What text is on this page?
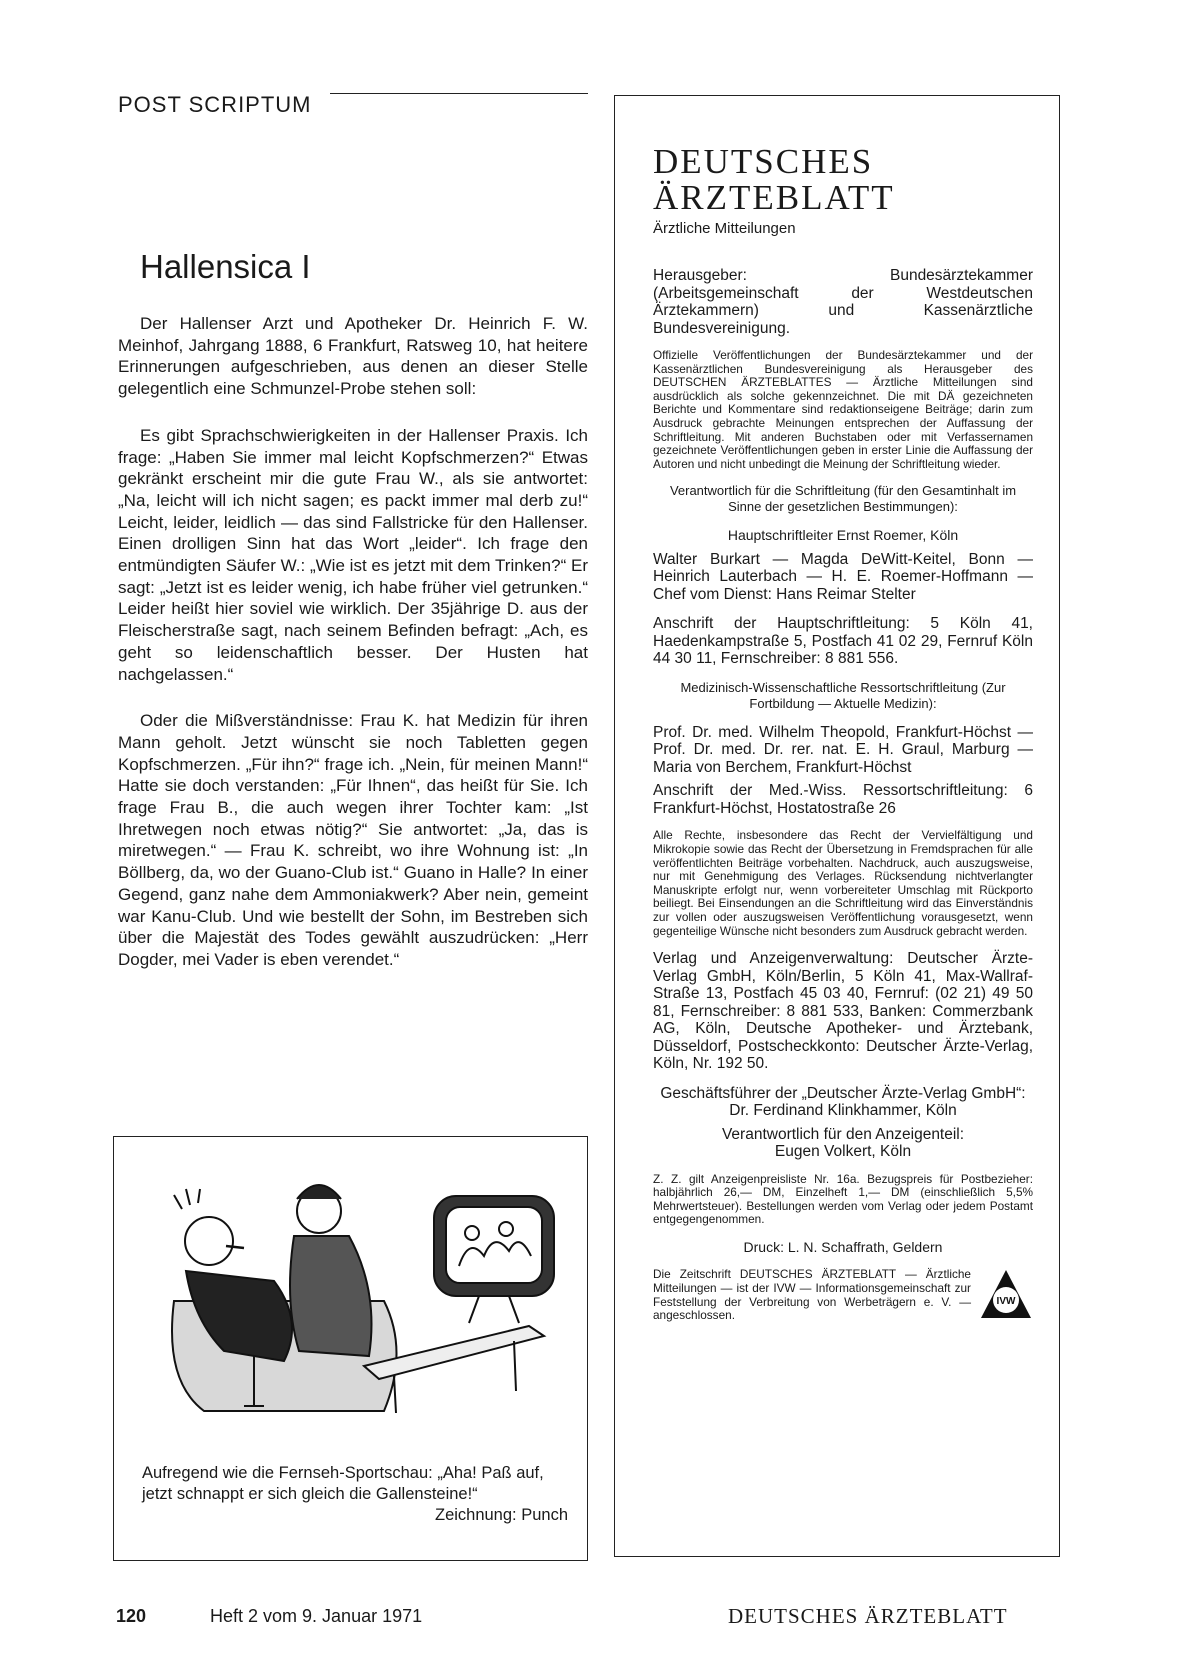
POST SCRIPTUM
Hallensica I

Der Hallenser Arzt und Apotheker Dr. Heinrich F. W. Meinhof, Jahrgang 1888, 6 Frankfurt, Ratsweg 10, hat heitere Erinnerungen aufgeschrieben, aus denen an dieser Stelle gelegentlich eine Schmunzel-Probe stehen soll:

Es gibt Sprachschwierigkeiten in der Hallenser Praxis. Ich frage: „Haben Sie immer mal leicht Kopfschmerzen?“ Etwas gekränkt erscheint mir die gute Frau W., als sie antwortet: „Na, leicht will ich nicht sagen; es packt immer mal derb zu!“ Leicht, leider, leidlich — das sind Fallstricke für den Hallenser. Einen drolligen Sinn hat das Wort „leider“. Ich frage den entmündigten Säufer W.: „Wie ist es jetzt mit dem Trinken?“ Er sagt: „Jetzt ist es leider wenig, ich habe früher viel getrunken.“ Leider heißt hier soviel wie wirklich. Der 35jährige D. aus der Fleischerstraße sagt, nach seinem Befinden befragt: „Ach, es geht so leidenschaftlich besser. Der Husten hat nachgelassen.“

Oder die Mißverständnisse: Frau K. hat Medizin für ihren Mann geholt. Jetzt wünscht sie noch Tabletten gegen Kopfschmerzen. „Für ihn?“ frage ich. „Nein, für meinen Mann!“ Hatte sie doch verstanden: „Für Ihnen“, das heißt für Sie. Ich frage Frau B., die auch wegen ihrer Tochter kam: „Ist Ihretwegen noch etwas nötig?“ Sie antwortet: „Ja, das is miretwegen.“ — Frau K. schreibt, wo ihre Wohnung ist: „In Böllberg, da, wo der Guano-Club ist.“ Guano in Halle? In einer Gegend, ganz nahe dem Ammoniakwerk? Aber nein, gemeint war Kanu-Club. Und wie bestellt der Sohn, im Bestreben sich über die Majestät des Todes gewählt auszudrücken: „Herr Dogder, mei Vader is eben verendet.“

Aufregend wie die Fernseh-Sportschau: „Aha! Paß auf, jetzt schnappt er sich gleich die Gallensteine!“
Zeichnung: Punch
DEUTSCHES
ÄRZTEBLATT
Ärztliche Mitteilungen

Herausgeber: Bundesärztekammer (Arbeitsgemeinschaft der Westdeutschen Ärztekammern) und Kassenärztliche Bundesvereinigung.

Offizielle Veröffentlichungen der Bundesärztekammer und der Kassenärztlichen Bundesvereinigung als Herausgeber des DEUTSCHEN ÄRZTEBLATTES — Ärztliche Mitteilungen sind ausdrücklich als solche gekennzeichnet. Die mit DÄ gezeichneten Berichte und Kommentare sind redaktionseigene Beiträge; darin zum Ausdruck gebrachte Meinungen entsprechen der Auffassung der Schriftleitung. Mit anderen Buchstaben oder mit Verfassernamen gezeichnete Veröffentlichungen geben in erster Linie die Auffassung der Autoren und nicht unbedingt die Meinung der Schriftleitung wieder.

Verantwortlich für die Schriftleitung (für den Gesamtinhalt im Sinne der gesetzlichen Bestimmungen):

Hauptschriftleiter Ernst Roemer, Köln

Walter Burkart — Magda DeWitt-Keitel, Bonn — Heinrich Lauterbach — H. E. Roemer-Hoffmann — Chef vom Dienst: Hans Reimar Stelter

Anschrift der Hauptschriftleitung: 5 Köln 41, Haedenkampstraße 5, Postfach 41 02 29, Fernruf Köln 44 30 11, Fernschreiber: 8 881 556.

Medizinisch-Wissenschaftliche Ressortschriftleitung (Zur Fortbildung — Aktuelle Medizin):

Prof. Dr. med. Wilhelm Theopold, Frankfurt-Höchst — Prof. Dr. med. Dr. rer. nat. E. H. Graul, Marburg — Maria von Berchem, Frankfurt-Höchst

Anschrift der Med.-Wiss. Ressortschriftleitung: 6 Frankfurt-Höchst, Hostatostraße 26

Alle Rechte, insbesondere das Recht der Vervielfältigung und Mikrokopie sowie das Recht der Übersetzung in Fremdsprachen für alle veröffentlichten Beiträge vorbehalten. Nachdruck, auch auszugsweise, nur mit Genehmigung des Verlages. Rücksendung nichtverlangter Manuskripte erfolgt nur, wenn vorbereiteter Umschlag mit Rückporto beiliegt. Bei Einsendungen an die Schriftleitung wird das Einverständnis zur vollen oder auszugsweisen Veröffentlichung vorausgesetzt, wenn gegenteilige Wünsche nicht besonders zum Ausdruck gebracht werden.

Verlag und Anzeigenverwaltung: Deutscher Ärzte-Verlag GmbH, Köln/Berlin, 5 Köln 41, Max-Wallraf-Straße 13, Postfach 45 03 40, Fernruf: (02 21) 49 50 81, Fernschreiber: 8 881 533, Banken: Commerzbank AG, Köln, Deutsche Apotheker- und Ärztebank, Düsseldorf, Postscheckkonto: Deutscher Ärzte-Verlag, Köln, Nr. 192 50.

Geschäftsführer der „Deutscher Ärzte-Verlag GmbH“: Dr. Ferdinand Klinkhammer, Köln

Verantwortlich für den Anzeigenteil:
Eugen Volkert, Köln

Z. Z. gilt Anzeigenpreisliste Nr. 16a. Bezugspreis für Postbezieher: halbjährlich 26,— DM, Einzelheft 1,— DM (einschließlich 5,5% Mehrwertsteuer). Bestellungen werden vom Verlag oder jedem Postamt entgegengenommen.

Druck: L. N. Schaffrath, Geldern

Die Zeitschrift DEUTSCHES ÄRZTEBLATT — Ärztliche Mitteilungen — ist der IVW — Informationsgemeinschaft zur Feststellung der Verbreitung von Werbeträgern e. V. — angeschlossen.
IVW
120	Heft 2 vom 9. Januar 1971	DEUTSCHES ÄRZTEBLATT
